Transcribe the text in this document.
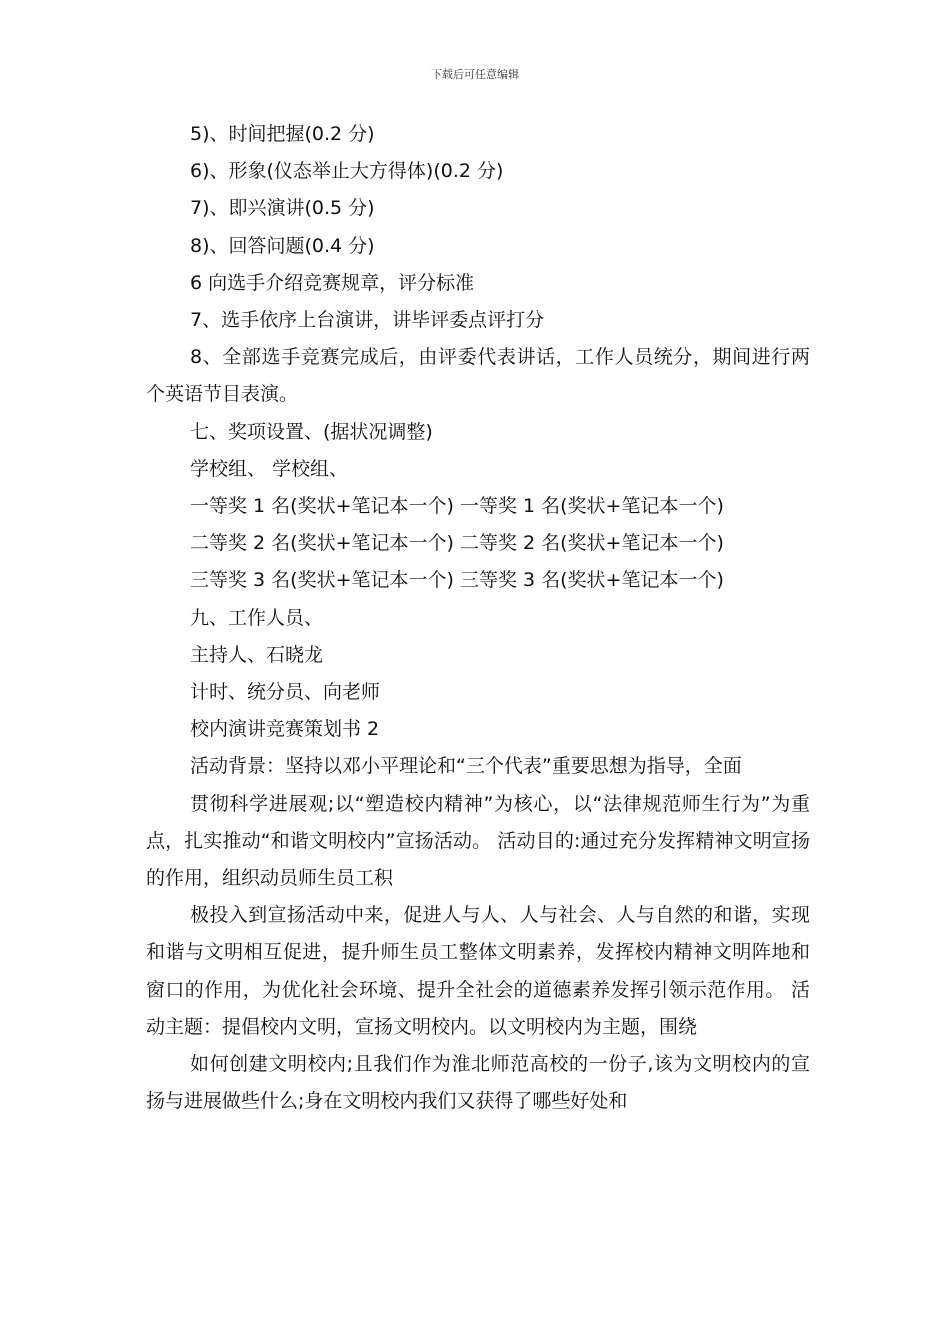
下载后可任意编辑

5)、时间把握(0.2 分)

6)、形象(仪态举止大方得体)(0.2 分)

7)、即兴演讲(0.5 分)

8)、回答问题(0.4 分)

6 向选手介绍竞赛规章，评分标准

7、选手依序上台演讲，讲毕评委点评打分

8、全部选手竞赛完成后，由评委代表讲话，工作人员统分，期间进行两个英语节目表演。

七、奖项设置、(据状况调整)

学校组、 学校组、

一等奖 1 名(奖状+笔记本一个) 一等奖 1 名(奖状+笔记本一个)

二等奖 2 名(奖状+笔记本一个) 二等奖 2 名(奖状+笔记本一个)

三等奖 3 名(奖状+笔记本一个) 三等奖 3 名(奖状+笔记本一个)

九、工作人员、

主持人、石晓龙

计时、统分员、向老师

校内演讲竞赛策划书 2

活动背景：坚持以邓小平理论和“三个代表”重要思想为指导，全面

贯彻科学进展观;以“塑造校内精神”为核心，以“法律规范师生行为”为重点，扎实推动“和谐文明校内”宣扬活动。 活动目的:通过充分发挥精神文明宣扬的作用，组织动员师生员工积

极投入到宣扬活动中来，促进人与人、人与社会、人与自然的和谐，实现和谐与文明相互促进，提升师生员工整体文明素养，发挥校内精神文明阵地和窗口的作用，为优化社会环境、提升全社会的道德素养发挥引领示范作用。 活动主题：提倡校内文明，宣扬文明校内。以文明校内为主题，围绕

如何创建文明校内;且我们作为淮北师范高校的一份子,该为文明校内的宣扬与进展做些什么;身在文明校内我们又获得了哪些好处和
